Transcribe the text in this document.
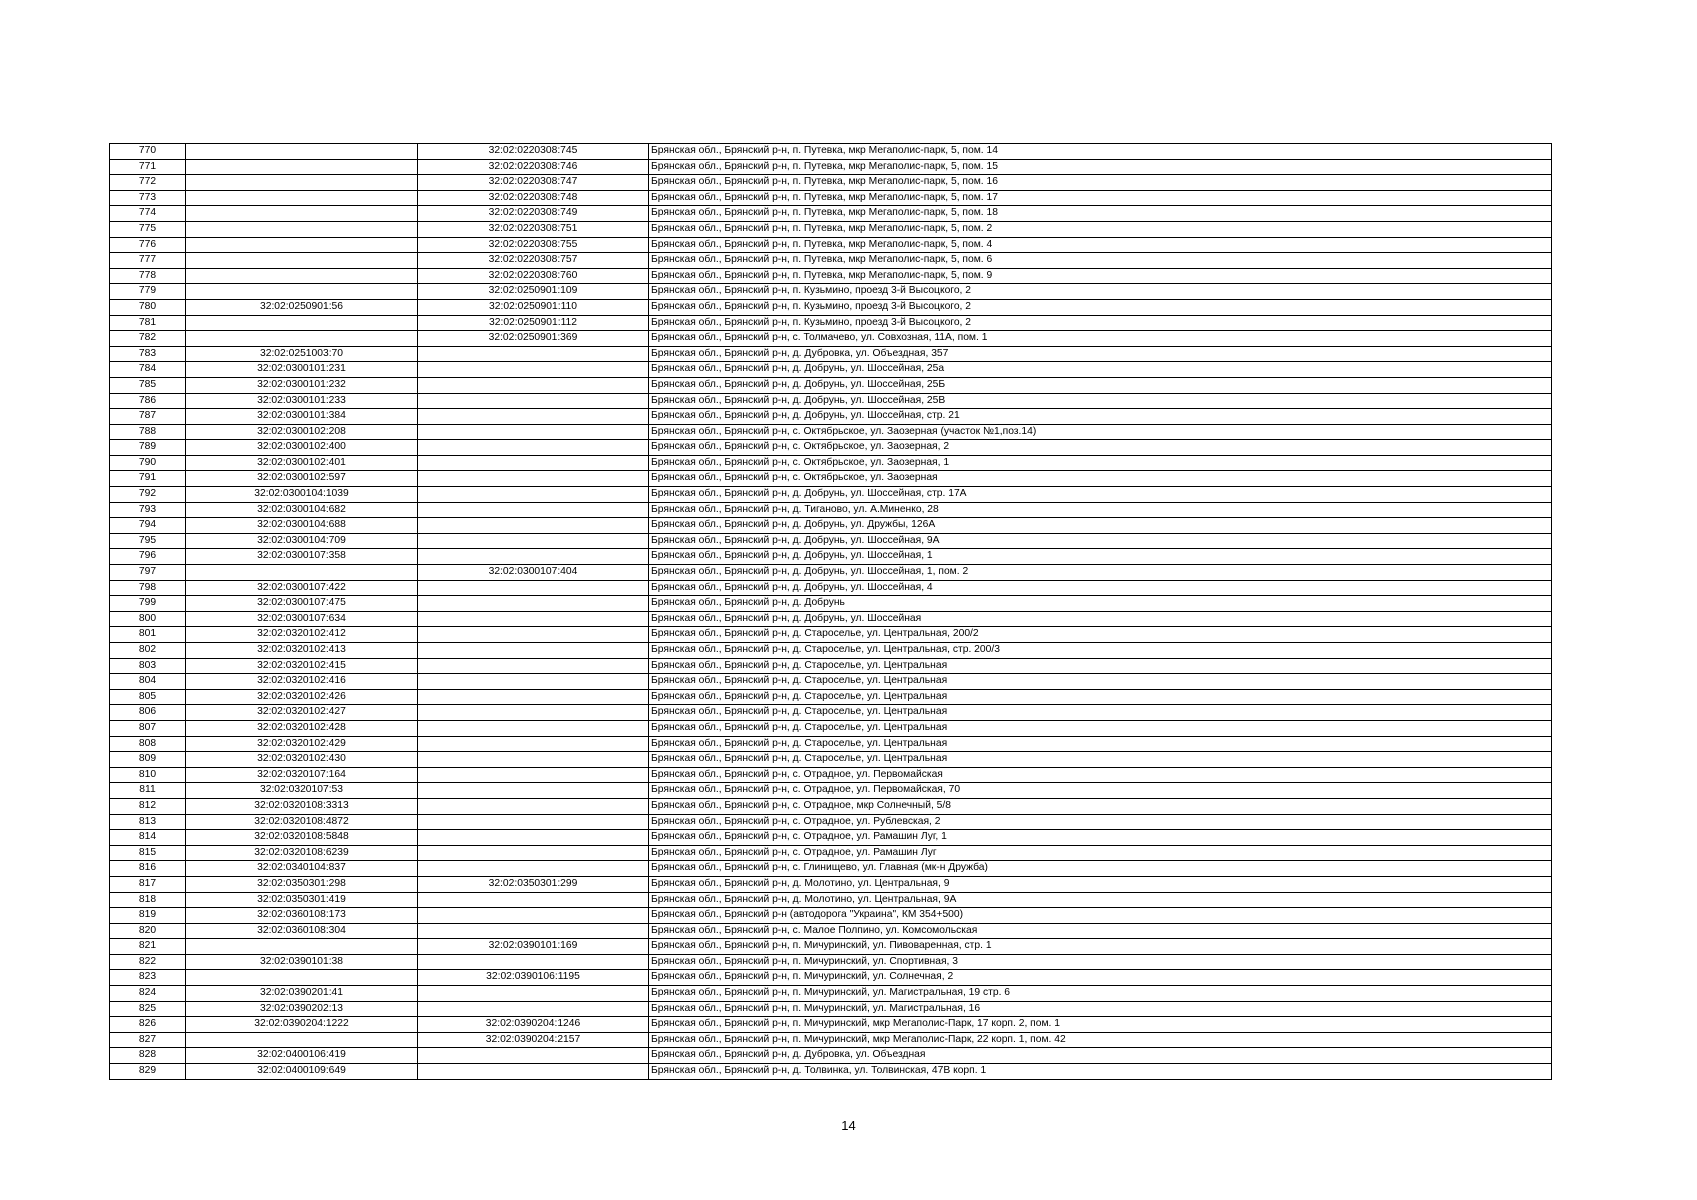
770		32:02:0220308:745	Брянская обл., Брянский р-н, п. Путевка, мкр Мегаполис-парк, 5, пом. 14
771		32:02:0220308:746	Брянская обл., Брянский р-н, п. Путевка, мкр Мегаполис-парк, 5, пом. 15
772		32:02:0220308:747	Брянская обл., Брянский р-н, п. Путевка, мкр Мегаполис-парк, 5, пом. 16
773		32:02:0220308:748	Брянская обл., Брянский р-н, п. Путевка, мкр Мегаполис-парк, 5, пом. 17
774		32:02:0220308:749	Брянская обл., Брянский р-н, п. Путевка, мкр Мегаполис-парк, 5, пом. 18
775		32:02:0220308:751	Брянская обл., Брянский р-н, п. Путевка, мкр Мегаполис-парк, 5, пом. 2
776		32:02:0220308:755	Брянская обл., Брянский р-н, п. Путевка, мкр Мегаполис-парк, 5, пом. 4
777		32:02:0220308:757	Брянская обл., Брянский р-н, п. Путевка, мкр Мегаполис-парк, 5, пом. 6
778		32:02:0220308:760	Брянская обл., Брянский р-н, п. Путевка, мкр Мегаполис-парк, 5, пом. 9
779		32:02:0250901:109	Брянская обл., Брянский р-н, п. Кузьмино, проезд 3-й Высоцкого, 2
780	32:02:0250901:56	32:02:0250901:110	Брянская обл., Брянский р-н, п. Кузьмино, проезд 3-й Высоцкого, 2
781		32:02:0250901:112	Брянская обл., Брянский р-н, п. Кузьмино, проезд 3-й Высоцкого, 2
782		32:02:0250901:369	Брянская обл., Брянский р-н, с. Толмачево, ул. Совхозная, 11А, пом. 1
783	32:02:0251003:70		Брянская обл., Брянский р-н, д. Дубровка, ул. Объездная, 357
784	32:02:0300101:231		Брянская обл., Брянский р-н, д. Добрунь, ул. Шоссейная, 25а
785	32:02:0300101:232		Брянская обл., Брянский р-н, д. Добрунь, ул. Шоссейная, 25Б
786	32:02:0300101:233		Брянская обл., Брянский р-н, д. Добрунь, ул. Шоссейная, 25В
787	32:02:0300101:384		Брянская обл., Брянский р-н, д. Добрунь, ул. Шоссейная, стр. 21
788	32:02:0300102:208		Брянская обл., Брянский р-н, с. Октябрьское, ул. Заозерная (участок №1,поз.14)
789	32:02:0300102:400		Брянская обл., Брянский р-н, с. Октябрьское, ул. Заозерная, 2
790	32:02:0300102:401		Брянская обл., Брянский р-н, с. Октябрьское, ул. Заозерная, 1
791	32:02:0300102:597		Брянская обл., Брянский р-н, с. Октябрьское, ул. Заозерная
792	32:02:0300104:1039		Брянская обл., Брянский р-н, д. Добрунь, ул. Шоссейная, стр. 17А
793	32:02:0300104:682		Брянская обл., Брянский р-н, д. Тиганово, ул. А.Миненко, 28
794	32:02:0300104:688		Брянская обл., Брянский р-н, д. Добрунь, ул. Дружбы, 126А
795	32:02:0300104:709		Брянская обл., Брянский р-н, д. Добрунь, ул. Шоссейная, 9А
796	32:02:0300107:358		Брянская обл., Брянский р-н, д. Добрунь, ул. Шоссейная, 1
797		32:02:0300107:404	Брянская обл., Брянский р-н, д. Добрунь, ул. Шоссейная, 1, пом. 2
798	32:02:0300107:422		Брянская обл., Брянский р-н, д. Добрунь, ул. Шоссейная, 4
799	32:02:0300107:475		Брянская обл., Брянский р-н, д. Добрунь
800	32:02:0300107:634		Брянская обл., Брянский р-н, д. Добрунь, ул. Шоссейная
801	32:02:0320102:412		Брянская обл., Брянский р-н, д. Староселье, ул. Центральная, 200/2
802	32:02:0320102:413		Брянская обл., Брянский р-н, д. Староселье, ул. Центральная, стр. 200/3
803	32:02:0320102:415		Брянская обл., Брянский р-н, д. Староселье, ул. Центральная
804	32:02:0320102:416		Брянская обл., Брянский р-н, д. Староселье, ул. Центральная
805	32:02:0320102:426		Брянская обл., Брянский р-н, д. Староселье, ул. Центральная
806	32:02:0320102:427		Брянская обл., Брянский р-н, д. Староселье, ул. Центральная
807	32:02:0320102:428		Брянская обл., Брянский р-н, д. Староселье, ул. Центральная
808	32:02:0320102:429		Брянская обл., Брянский р-н, д. Староселье, ул. Центральная
809	32:02:0320102:430		Брянская обл., Брянский р-н, д. Староселье, ул. Центральная
810	32:02:0320107:164		Брянская обл., Брянский р-н, с. Отрадное, ул. Первомайская
811	32:02:0320107:53		Брянская обл., Брянский р-н, с. Отрадное, ул. Первомайская, 70
812	32:02:0320108:3313		Брянская обл., Брянский р-н, с. Отрадное, мкр Солнечный, 5/8
813	32:02:0320108:4872		Брянская обл., Брянский р-н, с. Отрадное, ул. Рублевская, 2
814	32:02:0320108:5848		Брянская обл., Брянский р-н, с. Отрадное, ул. Рамашин Луг, 1
815	32:02:0320108:6239		Брянская обл., Брянский р-н, с. Отрадное, ул. Рамашин Луг
816	32:02:0340104:837		Брянская обл., Брянский р-н, с. Глинищево, ул. Главная (мк-н Дружба)
817	32:02:0350301:298	32:02:0350301:299	Брянская обл., Брянский р-н, д. Молотино, ул. Центральная, 9
818	32:02:0350301:419		Брянская обл., Брянский р-н, д. Молотино, ул. Центральная, 9А
819	32:02:0360108:173		Брянская обл., Брянский р-н (автодорога "Украина", КМ 354+500)
820	32:02:0360108:304		Брянская обл., Брянский р-н, с. Малое Полпино, ул. Комсомольская
821		32:02:0390101:169	Брянская обл., Брянский р-н, п. Мичуринский, ул. Пивоваренная, стр. 1
822	32:02:0390101:38		Брянская обл., Брянский р-н, п. Мичуринский, ул. Спортивная, 3
823		32:02:0390106:1195	Брянская обл., Брянский р-н, п. Мичуринский, ул. Солнечная, 2
824	32:02:0390201:41		Брянская обл., Брянский р-н, п. Мичуринский, ул. Магистральная, 19 стр. 6
825	32:02:0390202:13		Брянская обл., Брянский р-н, п. Мичуринский, ул. Магистральная, 16
826	32:02:0390204:1222	32:02:0390204:1246	Брянская обл., Брянский р-н, п. Мичуринский, мкр Мегаполис-Парк, 17 корп. 2, пом. 1
827		32:02:0390204:2157	Брянская обл., Брянский р-н, п. Мичуринский, мкр Мегаполис-Парк, 22 корп. 1, пом. 42
828	32:02:0400106:419		Брянская обл., Брянский р-н, д. Дубровка, ул. Объездная
829	32:02:0400109:649		Брянская обл., Брянский р-н, д. Толвинка, ул. Толвинская, 47В корп. 1
14
